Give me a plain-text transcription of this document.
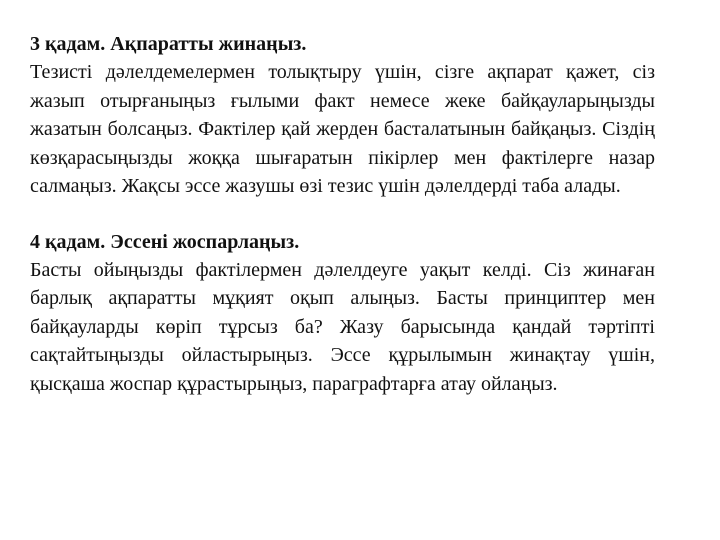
3 қадам. Ақпаратты жинаңыз.

Тезисті дәлелдемелермен толықтыру үшін, сізге ақпарат қажет, сіз жазып отырғаныңыз ғылыми факт немесе жеке байқауларыңызды жазатын болсаңыз. Фактілер қай жерден басталатынын байқаңыз. Сіздің көзқарасыңызды жоққа шығаратын пікірлер мен фактілерге назар салмаңыз. Жақсы эссе жазушы өзі тезис үшін дәлелдерді таба алады.

4 қадам. Эссені жоспарлаңыз.

Басты ойыңызды фактілермен дәлелдеуге уақыт келді. Сіз жинаған барлық ақпаратты мұқият оқып алыңыз. Басты принциптер мен байқауларды көріп тұрсыз ба? Жазу барысында қандай тәртіпті сақтайтыңызды ойластырыңыз. Эссе құрылымын жинақтау үшін, қысқаша жоспар құрастырыңыз, параграфтарға атау ойлаңыз.
